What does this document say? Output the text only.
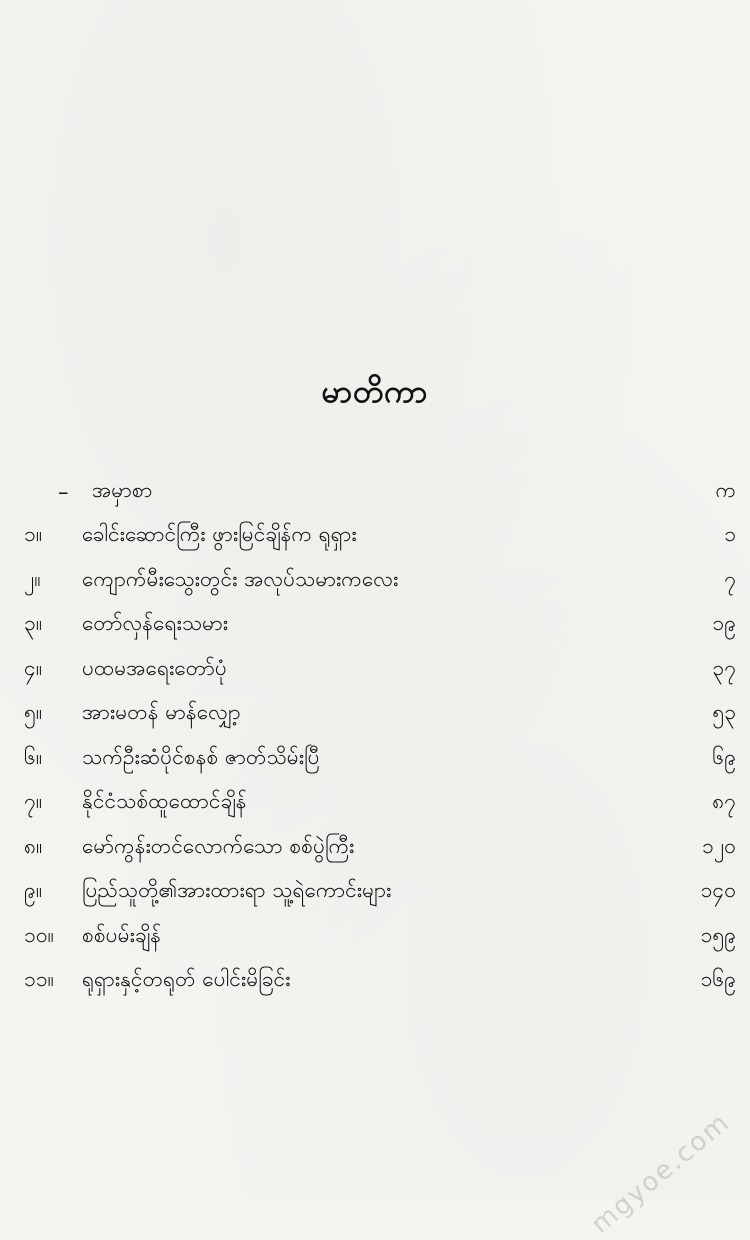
မာတိကာ
–	အမှာစာ	က
၁။	ခေါင်းဆောင်ကြီး ဖွားမြင်ချိန်က ရုရှား	၁
၂။	ကျောက်မီးသွေးတွင်း အလုပ်သမားကလေး	၇
၃။	တော်လှန်ရေးသမား	၁၉
၄။	ပထမအရေးတော်ပုံ	၃၇
၅။	အားမတန် မာန်လျှော့	၅၃
၆။	သက်ဦးဆံပိုင်စနစ် ဇာတ်သိမ်းပြီ	၆၉
၇။	နိုင်ငံသစ်ထူထောင်ချိန်	၈၇
၈။	မော်ကွန်းတင်လောက်သော စစ်ပွဲကြီး	၁၂၀
၉။	ပြည်သူတို့၏အားထားရာ သူ့ရဲကောင်းများ	၁၄၀
၁၀။	စစ်ပမ်းချိန်	၁၅၉
၁၁။	ရုရှားနှင့်တရုတ် ပေါင်းမိခြင်း	၁၆၉
mgyoe.com
